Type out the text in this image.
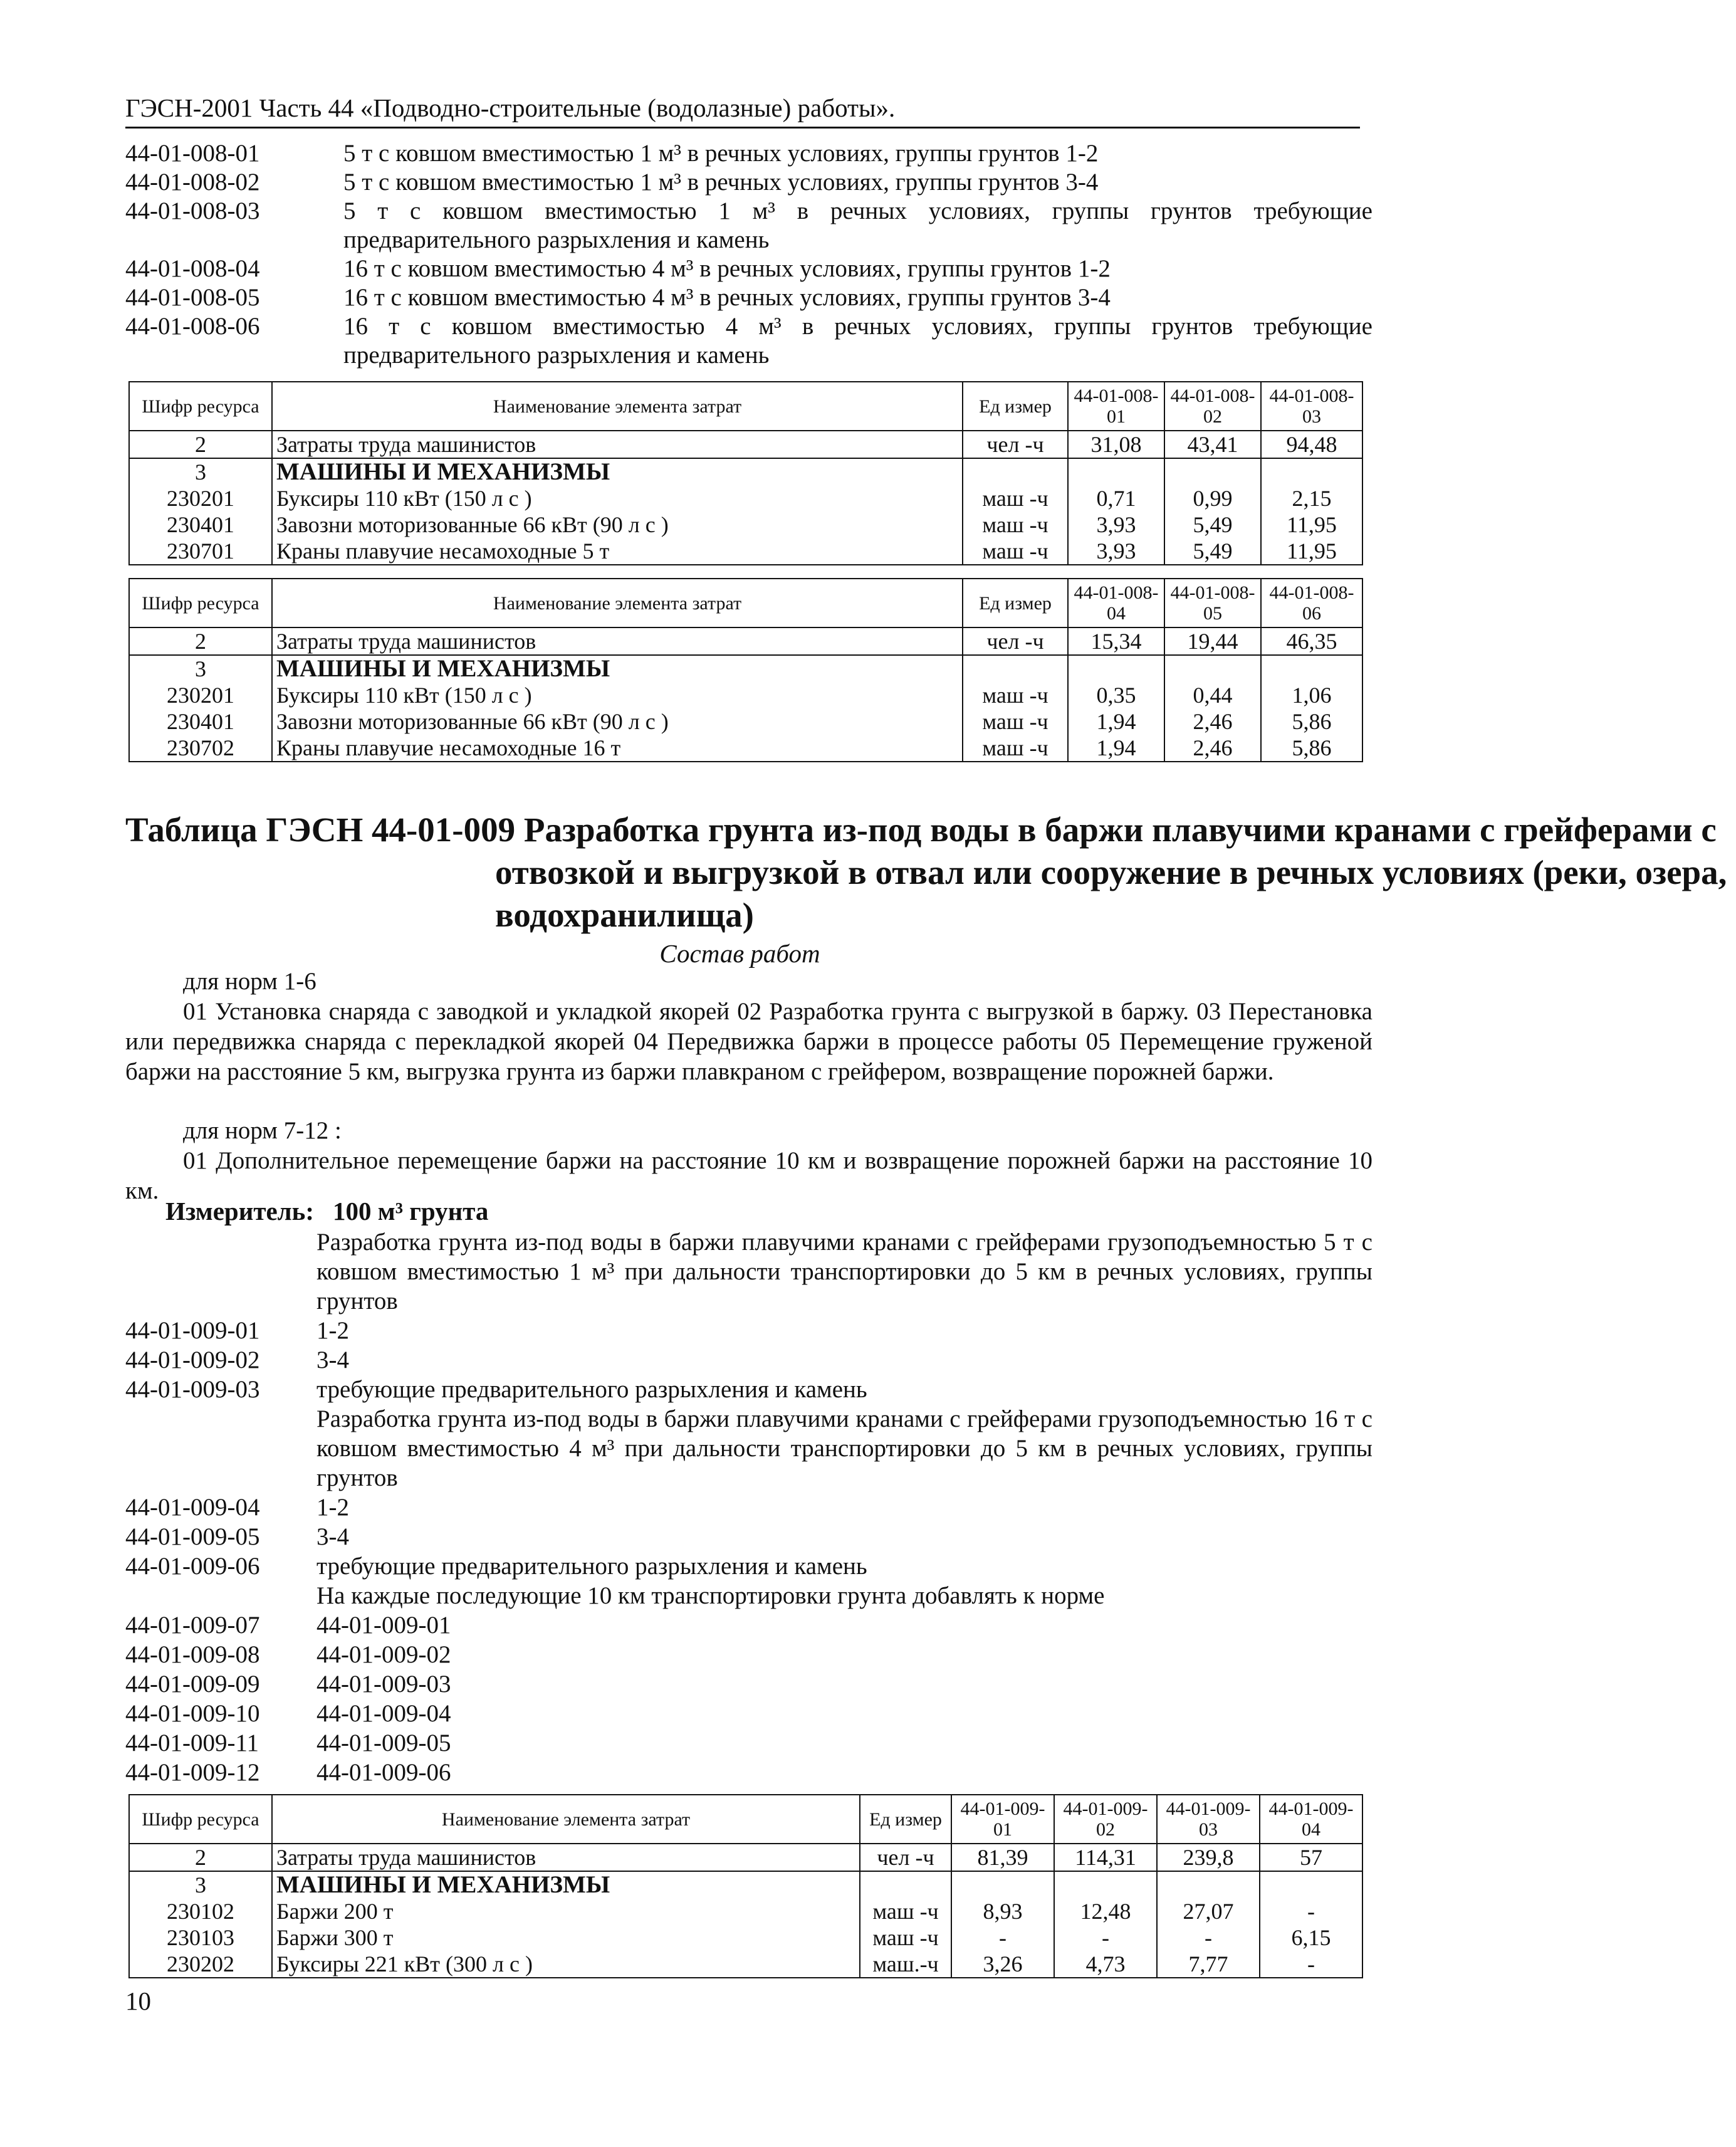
ГЭСН-2001 Часть 44 «Подводно-строительные (водолазные) работы».
44-01-008-01	5 т с ковшом вместимостью 1 м³ в речных условиях, группы грунтов 1-2
44-01-008-02	5 т с ковшом вместимостью 1 м³ в речных условиях, группы грунтов 3-4
44-01-008-03	5 т с ковшом вместимостью 1 м³ в речных условиях, группы грунтов требующие предварительного разрыхления и камень
44-01-008-04	16 т с ковшом вместимостью 4 м³ в речных условиях, группы грунтов 1-2
44-01-008-05	16 т с ковшом вместимостью 4 м³ в речных условиях, группы грунтов 3-4
44-01-008-06	16 т с ковшом вместимостью 4 м³ в речных условиях, группы грунтов требующие предварительного разрыхления и камень
Шифр ресурса	Наименование элемента затрат	Ед измер	44-01-008-01	44-01-008-02	44-01-008-03
2	Затраты труда машинистов	чел -ч	31,08	43,41	94,48
3	МАШИНЫ И МЕХАНИЗМЫ				
230201	Буксиры 110 кВт (150 л с )	маш -ч	0,71	0,99	2,15
230401	Завозни моторизованные 66 кВт (90 л с )	маш -ч	3,93	5,49	11,95
230701	Краны плавучие несамоходные 5 т	маш -ч	3,93	5,49	11,95
Шифр ресурса	Наименование элемента затрат	Ед измер	44-01-008-04	44-01-008-05	44-01-008-06
2	Затраты труда машинистов	чел -ч	15,34	19,44	46,35
3	МАШИНЫ И МЕХАНИЗМЫ				
230201	Буксиры 110 кВт (150 л с )	маш -ч	0,35	0,44	1,06
230401	Завозни моторизованные 66 кВт (90 л с )	маш -ч	1,94	2,46	5,86
230702	Краны плавучие несамоходные 16 т	маш -ч	1,94	2,46	5,86
Таблица ГЭСН 44-01-009 Разработка грунта из-под воды в баржи плавучими кранами с грейферами с отвозкой и выгрузкой в отвал или сооружение в речных условиях (реки, озера, водохранилища)
Состав работ
для норм 1-6
01 Установка снаряда с заводкой и укладкой якорей 02 Разработка грунта с выгрузкой в баржу. 03 Перестановка или передвижка снаряда с перекладкой якорей 04 Передвижка баржи в процессе работы 05 Перемещение груженой баржи на расстояние 5 км, выгрузка грунта из баржи плавкраном с грейфером, возвращение порожней баржи.
для норм 7-12 :
01 Дополнительное перемещение баржи на расстояние 10 км и возвращение порожней баржи на расстояние 10 км.
Измеритель: 100 м³ грунта
Разработка грунта из-под воды в баржи плавучими кранами с грейферами грузоподъемностью 5 т с ковшом вместимостью 1 м³ при дальности транспортировки до 5 км в речных условиях, группы грунтов
44-01-009-01	1-2
44-01-009-02	3-4
44-01-009-03	требующие предварительного разрыхления и камень
Разработка грунта из-под воды в баржи плавучими кранами с грейферами грузоподъемностью 16 т с ковшом вместимостью 4 м³ при дальности транспортировки до 5 км в речных условиях, группы грунтов
44-01-009-04	1-2
44-01-009-05	3-4
44-01-009-06	требующие предварительного разрыхления и камень
На каждые последующие 10 км транспортировки грунта добавлять к норме
44-01-009-07	44-01-009-01
44-01-009-08	44-01-009-02
44-01-009-09	44-01-009-03
44-01-009-10	44-01-009-04
44-01-009-11	44-01-009-05
44-01-009-12	44-01-009-06
Шифр ресурса	Наименование элемента затрат	Ед измер	44-01-009-01	44-01-009-02	44-01-009-03	44-01-009-04
2	Затраты труда машинистов	чел -ч	81,39	114,31	239,8	57
3	МАШИНЫ И МЕХАНИЗМЫ					
230102	Баржи 200 т	маш -ч	8,93	12,48	27,07	-
230103	Баржи 300 т	маш -ч	-	-	-	6,15
230202	Буксиры 221 кВт (300 л с )	маш.-ч	3,26	4,73	7,77	-
10
